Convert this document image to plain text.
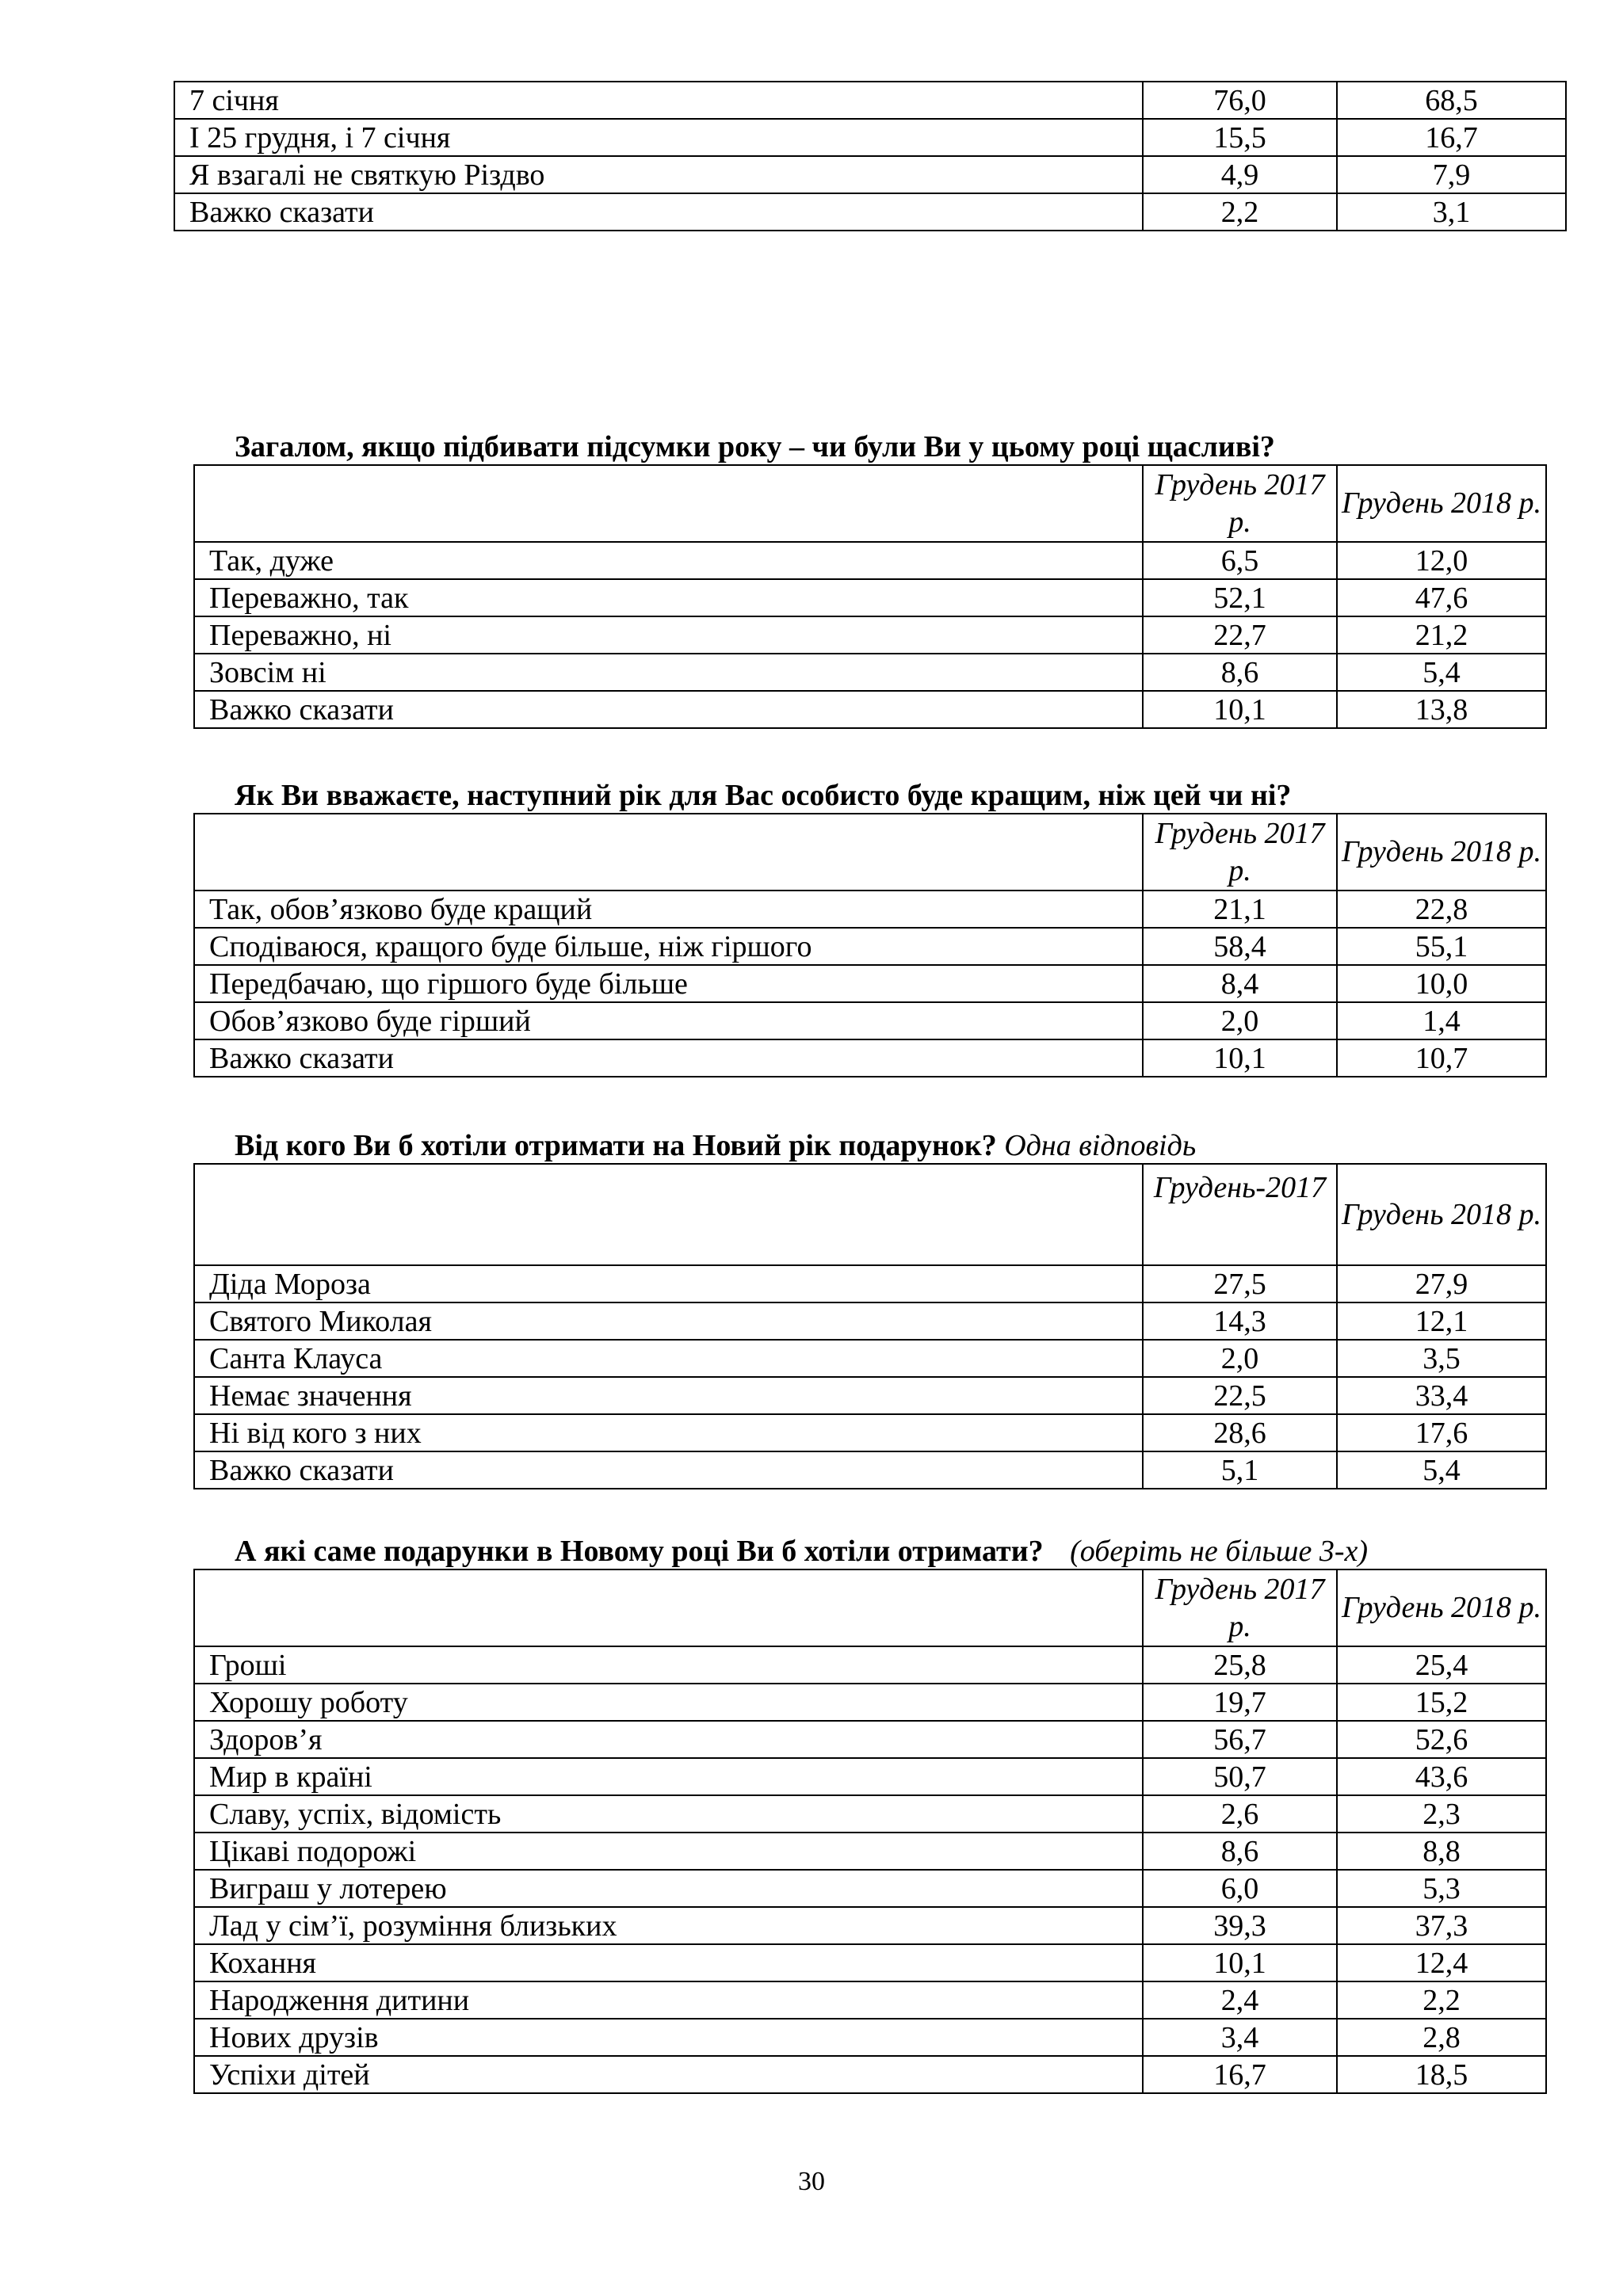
7 січня	76,0	68,5
І 25 грудня, і 7 січня	15,5	16,7
Я взагалі не святкую Різдво	4,9	7,9
Важко сказати	2,2	3,1
Загалом, якщо підбивати підсумки року – чи були Ви у цьому році щасливі?
	Грудень 2017 р.	Грудень 2018 р.
Так, дуже	6,5	12,0
Переважно, так	52,1	47,6
Переважно, ні	22,7	21,2
Зовсім ні	8,6	5,4
Важко сказати	10,1	13,8
Як Ви вважаєте, наступний рік для Вас особисто буде кращим, ніж цей чи ні?
	Грудень 2017 р.	Грудень 2018 р.
Так, обов’язково буде кращий	21,1	22,8
Сподіваюся, кращого буде більше, ніж гіршого	58,4	55,1
Передбачаю, що гіршого буде більше	8,4	10,0
Обов’язково буде гірший	2,0	1,4
Важко сказати	10,1	10,7
Від кого Ви б хотіли отримати на Новий рік подарунок? Одна відповідь
	Грудень-2017	Грудень 2018 р.
Діда Мороза	27,5	27,9
Святого Миколая	14,3	12,1
Санта Клауса	2,0	3,5
Немає значення	22,5	33,4
Ні від кого з них	28,6	17,6
Важко сказати	5,1	5,4
А які саме подарунки в Новому році Ви б хотіли отримати? (оберіть не більше 3-х)
	Грудень 2017 р.	Грудень 2018 р.
Гроші	25,8	25,4
Хорошу роботу	19,7	15,2
Здоров’я	56,7	52,6
Мир в країні	50,7	43,6
Славу, успіх, відомість	2,6	2,3
Цікаві подорожі	8,6	8,8
Виграш у лотерею	6,0	5,3
Лад у сім’ї, розуміння близьких	39,3	37,3
Кохання	10,1	12,4
Народження дитини	2,4	2,2
Нових друзів	3,4	2,8
Успіхи дітей	16,7	18,5
30
